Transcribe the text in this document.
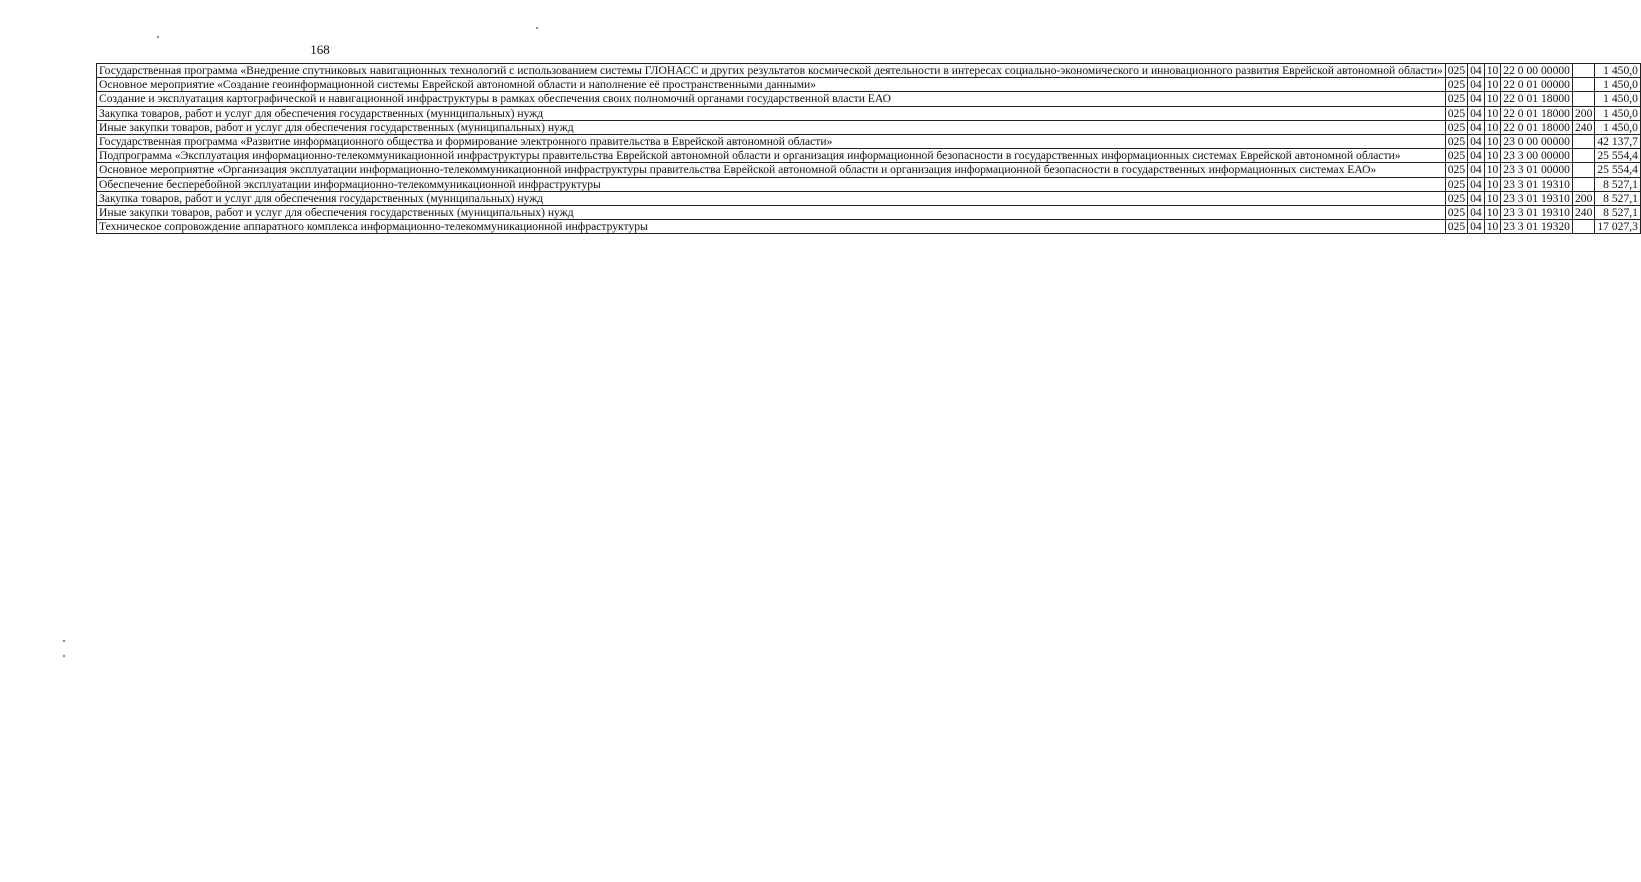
168
Государственная программа «Внедрение спутниковых навигационных технологий с использованием системы ГЛОНАСС и других результатов космической деятельности в интересах социально-экономического и инновационного развития Еврейской автономной области»	025	04	10	22 0 00 00000		1 450,0
Основное мероприятие «Создание геоинформационной системы Еврейской автономной области и наполнение её пространственными данными»	025	04	10	22 0 01 00000		1 450,0
Создание и эксплуатация картографической и навигационной инфраструктуры в рамках обеспечения своих полномочий органами государственной власти ЕАО	025	04	10	22 0 01 18000		1 450,0
Закупка товаров, работ и услуг для обеспечения государственных (муниципальных) нужд	025	04	10	22 0 01 18000	200	1 450,0
Иные закупки товаров, работ и услуг для обеспечения государственных (муниципальных) нужд	025	04	10	22 0 01 18000	240	1 450,0
Государственная программа «Развитие информационного общества и формирование электронного правительства в Еврейской автономной области»	025	04	10	23 0 00 00000		42 137,7
Подпрограмма «Эксплуатация информационно-телекоммуникационной инфраструктуры правительства Еврейской автономной области и организация информационной безопасности в государственных информационных системах Еврейской автономной области»	025	04	10	23 3 00 00000		25 554,4
Основное мероприятие «Организация эксплуатации информационно-телекоммуникационной инфраструктуры правительства Еврейской автономной области и организация информационной безопасности в государственных информационных системах ЕАО»	025	04	10	23 3 01 00000		25 554,4
Обеспечение бесперебойной эксплуатации информационно-телекоммуникационной инфраструктуры	025	04	10	23 3 01 19310		8 527,1
Закупка товаров, работ и услуг для обеспечения государственных (муниципальных) нужд	025	04	10	23 3 01 19310	200	8 527,1
Иные закупки товаров, работ и услуг для обеспечения государственных (муниципальных) нужд	025	04	10	23 3 01 19310	240	8 527,1
Техническое сопровождение аппаратного комплекса информационно-телекоммуникационной инфраструктуры	025	04	10	23 3 01 19320		17 027,3
